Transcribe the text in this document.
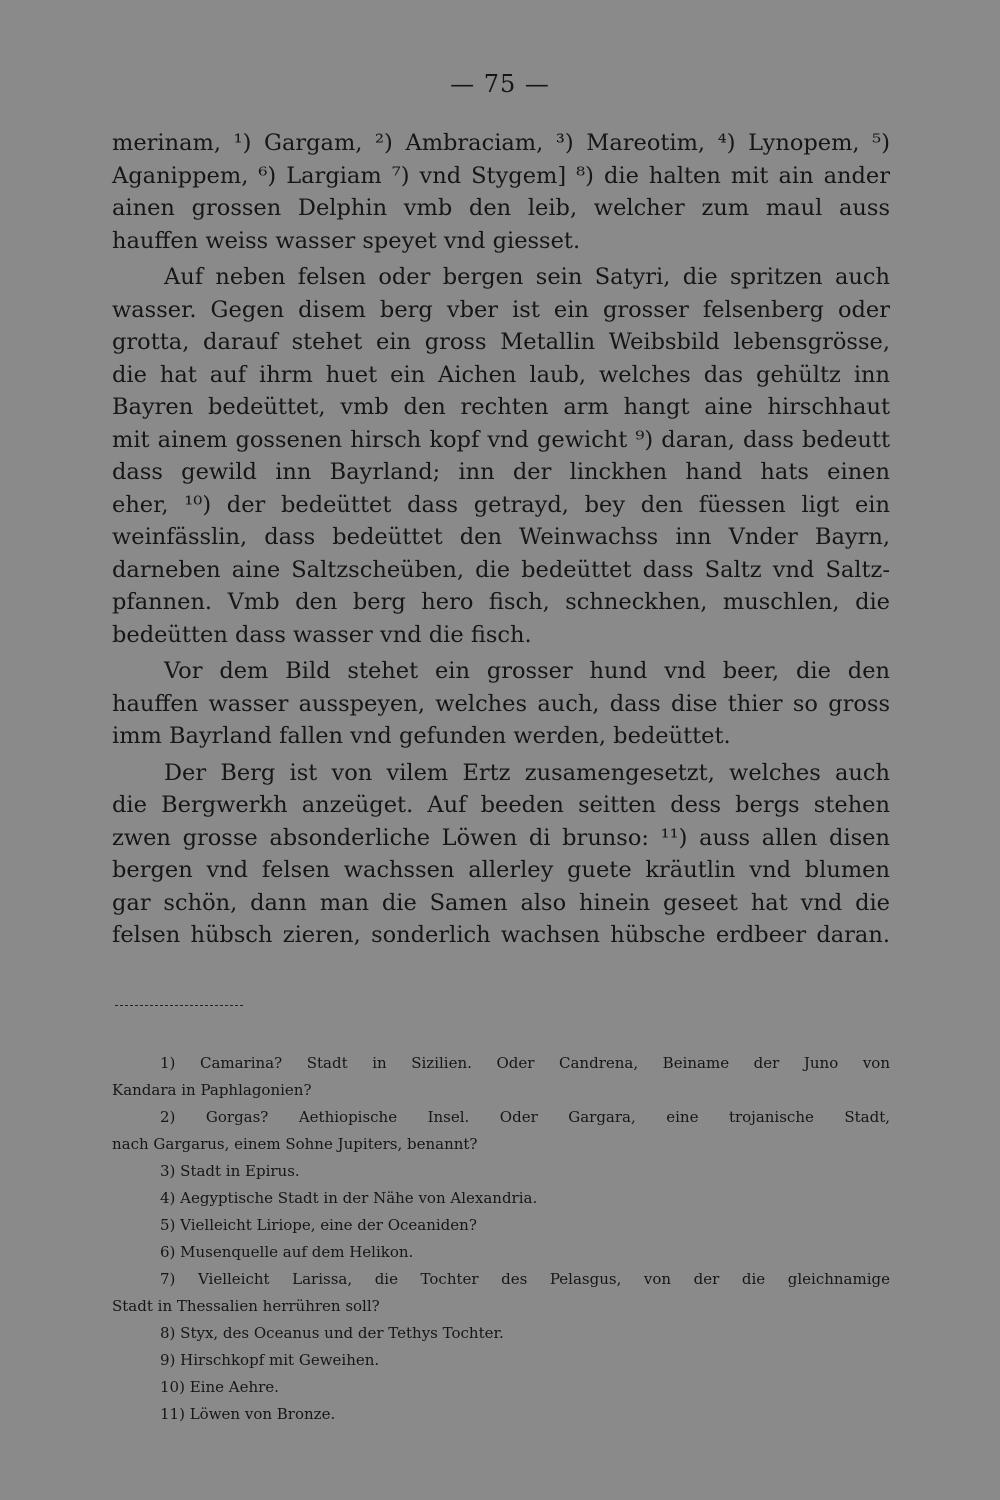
— 75 —
merinam, ¹) Gargam, ²) Ambraciam, ³) Mareotim, ⁴) Lynopem, ⁵)
Aganippem, ⁶) Largiam ⁷) vnd Stygem] ⁸) die halten mit ain ander
ainen grossen Delphin vmb den leib, welcher zum maul auss
hauffen weiss wasser speyet vnd giesset.
Auf neben felsen oder bergen sein Satyri, die spritzen auch
wasser. Gegen disem berg vber ist ein grosser felsenberg oder
grotta, darauf stehet ein gross Metallin Weibsbild lebensgrösse,
die hat auf ihrm huet ein Aichen laub, welches das gehültz inn
Bayren bedeüttet, vmb den rechten arm hangt aine hirschhaut
mit ainem gossenen hirsch kopf vnd gewicht ⁹) daran, dass bedeutt
dass gewild inn Bayrland; inn der linckhen hand hats einen
eher, ¹⁰) der bedeüttet dass getrayd, bey den füessen ligt ein
weinfässlin, dass bedeüttet den Weinwachss inn Vnder Bayrn,
darneben aine Saltzscheüben, die bedeüttet dass Saltz vnd Saltz-
pfannen. Vmb den berg hero fisch, schneckhen, muschlen, die
bedeütten dass wasser vnd die fisch.
Vor dem Bild stehet ein grosser hund vnd beer, die den
hauffen wasser ausspeyen, welches auch, dass dise thier so gross
imm Bayrland fallen vnd gefunden werden, bedeüttet.
Der Berg ist von vilem Ertz zusamengesetzt, welches auch
die Bergwerkh anzeüget. Auf beeden seitten dess bergs stehen
zwen grosse absonderliche Löwen di brunso: ¹¹) auss allen disen
bergen vnd felsen wachssen allerley guete kräutlin vnd blumen
gar schön, dann man die Samen also hinein geseet hat vnd die
felsen hübsch zieren, sonderlich wachsen hübsche erdbeer daran.
1) Camarina? Stadt in Sizilien. Oder Candrena, Beiname der Juno von
Kandara in Paphlagonien?
2) Gorgas? Aethiopische Insel. Oder Gargara, eine trojanische Stadt,
nach Gargarus, einem Sohne Jupiters, benannt?
3) Stadt in Epirus.
4) Aegyptische Stadt in der Nähe von Alexandria.
5) Vielleicht Liriope, eine der Oceaniden?
6) Musenquelle auf dem Helikon.
7) Vielleicht Larissa, die Tochter des Pelasgus, von der die gleichnamige
Stadt in Thessalien herrühren soll?
8) Styx, des Oceanus und der Tethys Tochter.
9) Hirschkopf mit Geweihen.
10) Eine Aehre.
11) Löwen von Bronze.
